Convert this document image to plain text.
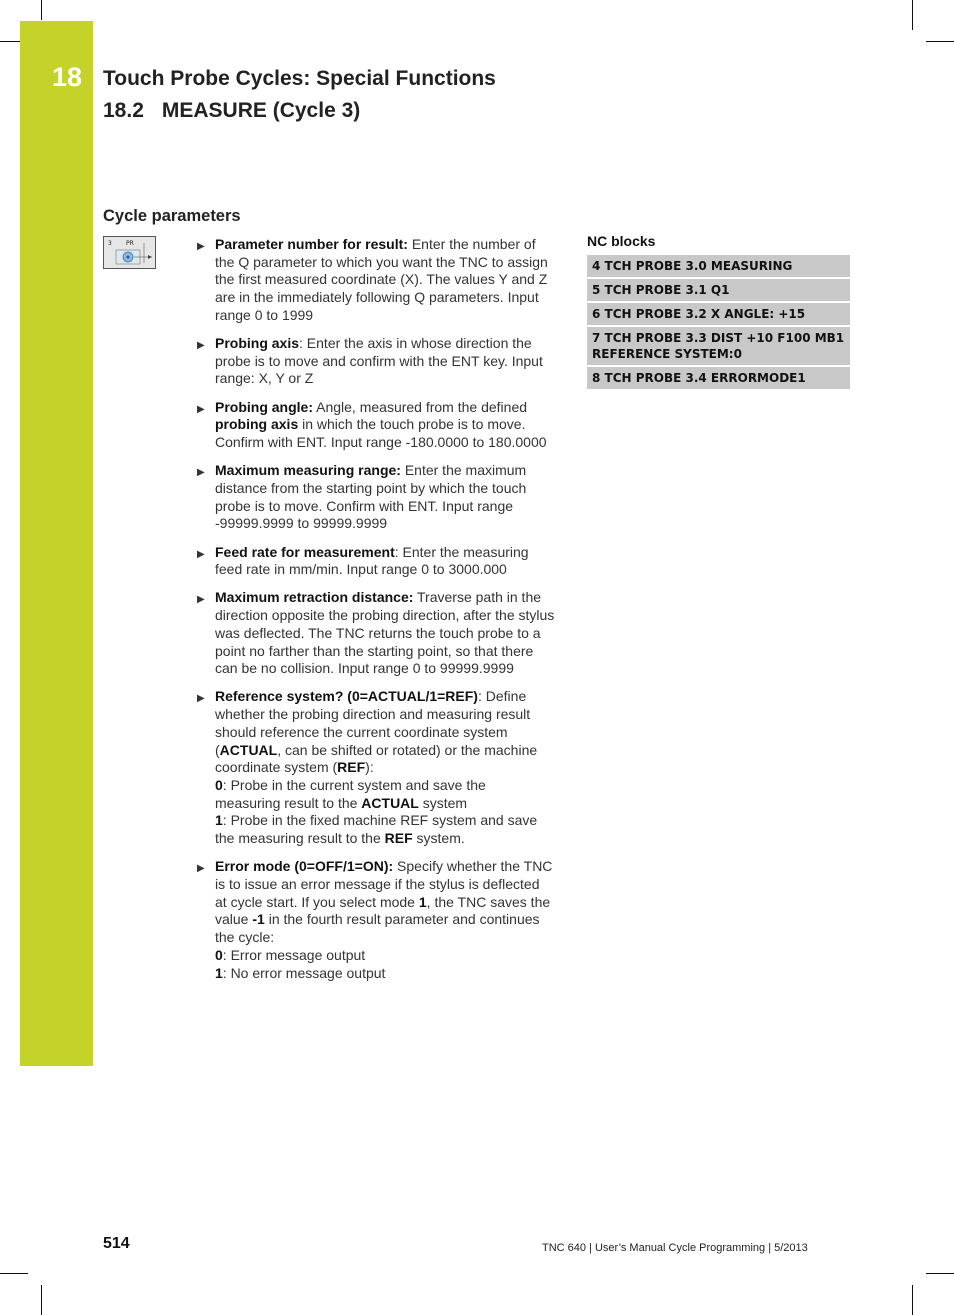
18 Touch Probe Cycles: Special Functions
18.2 MEASURE (Cycle 3)
Cycle parameters
3 PR	▶ Parameter number for result: Enter the number of the Q parameter to which you want the TNC to assign the first measured coordinate (X). The values Y and Z are in the immediately following Q parameters. Input range 0 to 1999
▶ Probing axis: Enter the axis in whose direction the probe is to move and confirm with the ENT key. Input range: X, Y or Z
▶ Probing angle: Angle, measured from the defined probing axis in which the touch probe is to move. Confirm with ENT. Input range -180.0000 to 180.0000
▶ Maximum measuring range: Enter the maximum distance from the starting point by which the touch probe is to move. Confirm with ENT. Input range -99999.9999 to 99999.9999
▶ Feed rate for measurement: Enter the measuring feed rate in mm/min. Input range 0 to 3000.000
▶ Maximum retraction distance: Traverse path in the direction opposite the probing direction, after the stylus was deflected. The TNC returns the touch probe to a point no farther than the starting point, so that there can be no collision. Input range 0 to 99999.9999
▶ Reference system? (0=ACTUAL/1=REF): Define whether the probing direction and measuring result should reference the current coordinate system (ACTUAL, can be shifted or rotated) or the machine coordinate system (REF):
0: Probe in the current system and save the measuring result to the ACTUAL system
1: Probe in the fixed machine REF system and save the measuring result to the REF system.
▶ Error mode (0=OFF/1=ON): Specify whether the TNC is to issue an error message if the stylus is deflected at cycle start. If you select mode 1, the TNC saves the value -1 in the fourth result parameter and continues the cycle:
0: Error message output
1: No error message output
NC blocks
4 TCH PROBE 3.0 MEASURING
5 TCH PROBE 3.1 Q1
6 TCH PROBE 3.2 X ANGLE: +15
7 TCH PROBE 3.3 DIST +10 F100 MB1 REFERENCE SYSTEM:0
8 TCH PROBE 3.4 ERRORMODE1
514	TNC 640 | User’s Manual Cycle Programming | 5/2013
